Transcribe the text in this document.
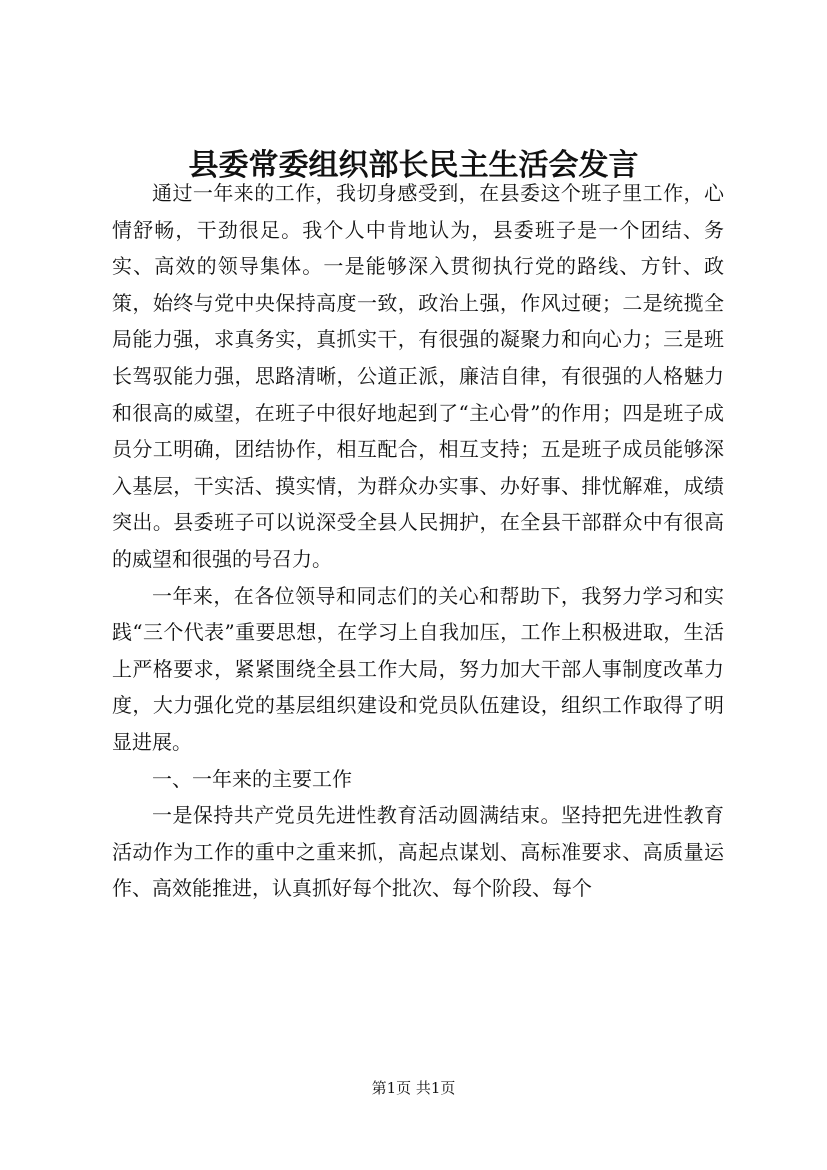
县委常委组织部长民主生活会发言

通过一年来的工作，我切身感受到，在县委这个班子里工作，心情舒畅，干劲很足。我个人中肯地认为，县委班子是一个团结、务实、高效的领导集体。一是能够深入贯彻执行党的路线、方针、政策，始终与党中央保持高度一致，政治上强，作风过硬；二是统揽全局能力强，求真务实，真抓实干，有很强的凝聚力和向心力；三是班长驾驭能力强，思路清晰，公道正派，廉洁自律，有很强的人格魅力和很高的威望，在班子中很好地起到了“主心骨”的作用；四是班子成员分工明确，团结协作，相互配合，相互支持；五是班子成员能够深入基层，干实活、摸实情，为群众办实事、办好事、排忧解难，成绩突出。县委班子可以说深受全县人民拥护，在全县干部群众中有很高的威望和很强的号召力。

一年来，在各位领导和同志们的关心和帮助下，我努力学习和实践“三个代表”重要思想，在学习上自我加压，工作上积极进取，生活上严格要求，紧紧围绕全县工作大局，努力加大干部人事制度改革力度，大力强化党的基层组织建设和党员队伍建设，组织工作取得了明显进展。

一、一年来的主要工作

一是保持共产党员先进性教育活动圆满结束。坚持把先进性教育活动作为工作的重中之重来抓，高起点谋划、高标准要求、高质量运作、高效能推进，认真抓好每个批次、每个阶段、每个

第1页 共1页
